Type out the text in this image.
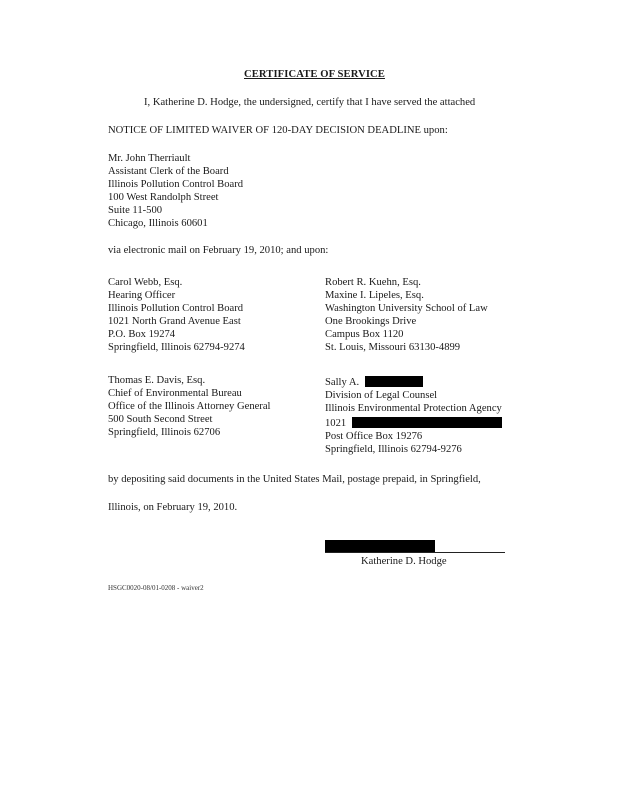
CERTIFICATE OF SERVICE
I, Katherine D. Hodge, the undersigned, certify that I have served the attached
NOTICE OF LIMITED WAIVER OF 120-DAY DECISION DEADLINE upon:
Mr. John Therriault
Assistant Clerk of the Board
Illinois Pollution Control Board
100 West Randolph Street
Suite 11-500
Chicago, Illinois 60601
via electronic mail on February 19, 2010; and upon:
Carol Webb, Esq.
Hearing Officer
Illinois Pollution Control Board
1021 North Grand Avenue East
P.O. Box 19274
Springfield, Illinois 62794-9274
Robert R. Kuehn, Esq.
Maxine I. Lipeles, Esq.
Washington University School of Law
One Brookings Drive
Campus Box 1120
St. Louis, Missouri 63130-4899
Thomas E. Davis, Esq.
Chief of Environmental Bureau
Office of the Illinois Attorney General
500 South Second Street
Springfield, Illinois 62706
Sally A.
Division of Legal Counsel
Illinois Environmental Protection Agency
1021
Post Office Box 19276
Springfield, Illinois 62794-9276
by depositing said documents in the United States Mail, postage prepaid, in Springfield,
Illinois, on February 19, 2010.
Katherine D. Hodge
HSGC0020-08/01-0208 - waiver2
